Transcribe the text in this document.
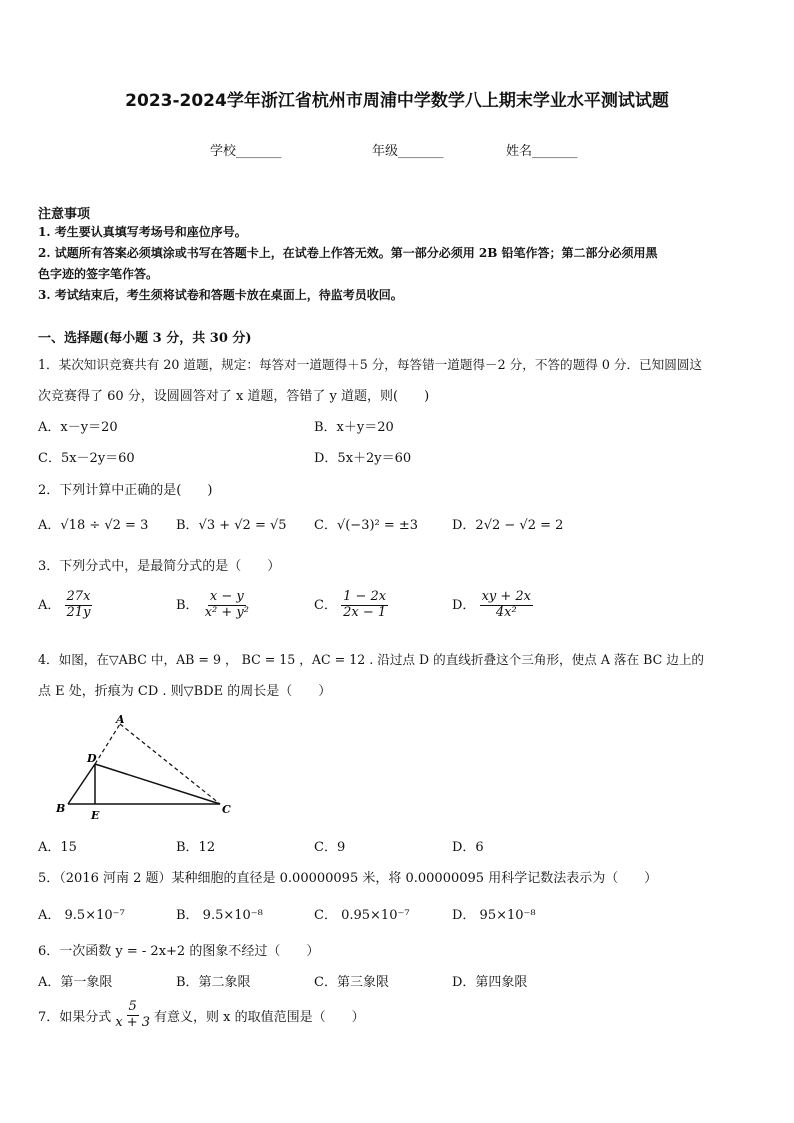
2023-2024学年浙江省杭州市周浦中学数学八上期末学业水平测试试题
学校_______	年级_______	姓名_______
注意事项
1. 考生要认真填写考场号和座位序号。
2. 试题所有答案必须填涂或书写在答题卡上，在试卷上作答无效。第一部分必须用 2B 铅笔作答；第二部分必须用黑
色字迹的签字笔作答。
3. 考试结束后，考生须将试卷和答题卡放在桌面上，待监考员收回。
一、选择题(每小题 3 分，共 30 分)
1．某次知识竞赛共有 20 道题，规定：每答对一道题得＋5 分，每答错一道题得－2 分，不答的题得 0 分．已知圆圆这
次竞赛得了 60 分，设圆圆答对了 x 道题，答错了 y 道题，则(　　)
A．x－y＝20	B．x＋y＝20
C．5x－2y＝60	D．5x＋2y＝60
2．下列计算中正确的是(　　)
A．√18 ÷ √2 = 3 B．√3 + √2 = √5 C．√(−3)² = ±3	D．2√2 − √2 = 2
3．下列分式中，是最简分式的是（　　）
A． $\frac{27x}{21y}$	B． $\frac{x - y}{\text{x² + y²}}$	C． $\frac{1 - 2x}{2x - 1}$	D． $\frac{xy + 2x}{\text{4x²}}$
4．如图，在▽ABC 中，AB = 9 ， BC = 15 ，AC = 12 . 沿过点 D 的直线折叠这个三角形，使点 A 落在 BC 边上的
点 E 处，折痕为 CD . 则▽BDE 的周长是（　　）
A
D
B
E	C
A．15	B．12	C．9	D．6
5．（2016 河南 2 题）某种细胞的直径是 0.00000095 米，将 0.00000095 用科学记数法表示为（　　）
A． 9.5×10⁻⁷	B． 9.5×10⁻⁸	C． 0.95×10⁻⁷	D． 95×10⁻⁸
6．一次函数 y = - 2x+2 的图象不经过（　　）
A．第一象限	B．第二象限	C．第三象限	D．第四象限
7．如果分式 $\frac{5}{x + 3}$ 有意义，则 x 的取值范围是（　　）
